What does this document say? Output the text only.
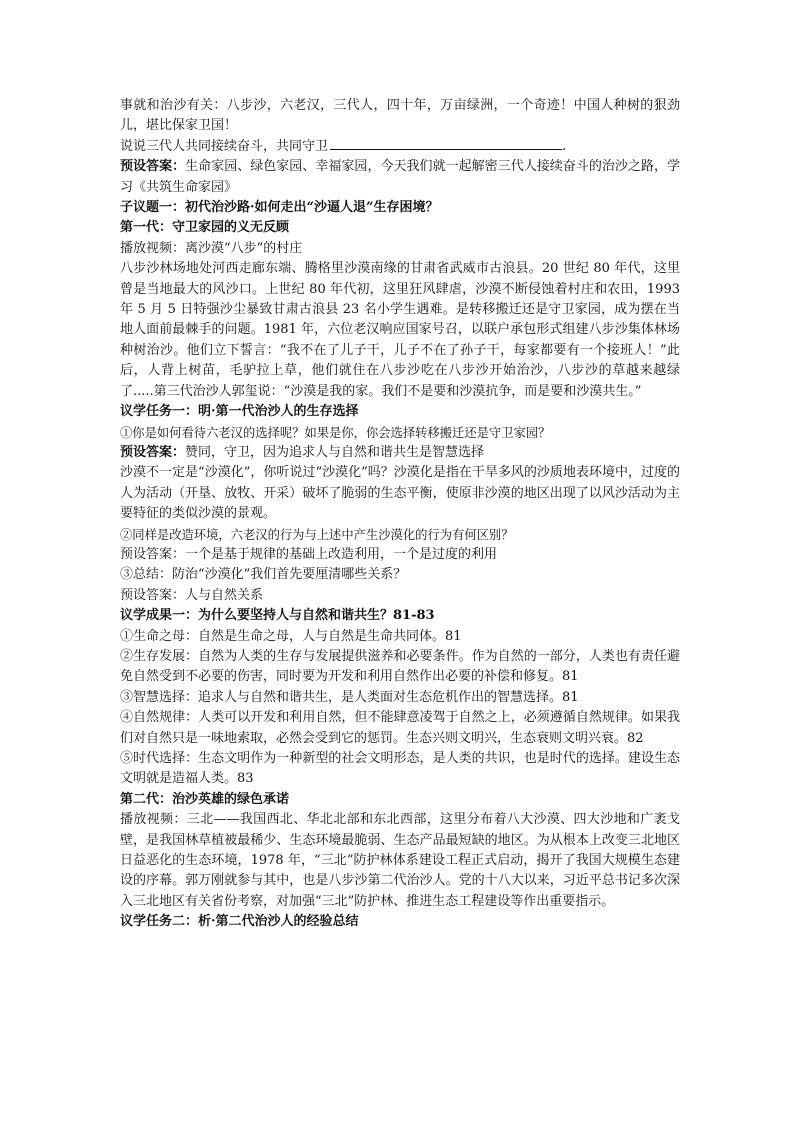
事就和治沙有关：八步沙，六老汉，三代人，四十年，万亩绿洲，一个奇迹！中国人种树的狠劲儿，堪比保家卫国！

说说三代人共同接续奋斗，共同守卫	.

预设答案：生命家园、绿色家园、幸福家园，今天我们就一起解密三代人接续奋斗的治沙之路，学习《共筑生命家园》

子议题一：初代治沙路·如何走出“沙逼人退”生存困境？

第一代：守卫家园的义无反顾

播放视频：离沙漠“八步”的村庄

八步沙林场地处河西走廊东端、腾格里沙漠南缘的甘肃省武威市古浪县。20 世纪 80 年代，这里曾是当地最大的风沙口。上世纪 80 年代初，这里狂风肆虐，沙漠不断侵蚀着村庄和农田，1993 年 5 月 5 日特强沙尘暴致甘肃古浪县 23 名小学生遇难。是转移搬迁还是守卫家园，成为摆在当地人面前最棘手的问题。1981 年，六位老汉响应国家号召，以联户承包形式组建八步沙集体林场种树治沙。他们立下誓言：“我不在了儿子干，儿子不在了孙子干，每家都要有一个接班人！”此后，人背上树苗，毛驴拉上草，他们就住在八步沙吃在八步沙开始治沙，八步沙的草越来越绿了.....第三代治沙人郭玺说：“沙漠是我的家。我们不是要和沙漠抗争，而是要和沙漠共生。”

议学任务一：明·第一代治沙人的生存选择

①你是如何看待六老汉的选择呢？如果是你，你会选择转移搬迁还是守卫家园？

预设答案：赞同，守卫，因为追求人与自然和谐共生是智慧选择

沙漠不一定是“沙漠化”，你听说过“沙漠化”吗？沙漠化是指在干旱多风的沙质地表环境中，过度的人为活动（开垦、放牧、开采）破坏了脆弱的生态平衡，使原非沙漠的地区出现了以风沙活动为主要特征的类似沙漠的景观。

②同样是改造环境，六老汉的行为与上述中产生沙漠化的行为有何区别？

预设答案：一个是基于规律的基础上改造利用，一个是过度的利用

③总结：防治“沙漠化”我们首先要厘清哪些关系？

预设答案：人与自然关系

议学成果一：为什么要坚持人与自然和谐共生？81-83

①生命之母：自然是生命之母，人与自然是生命共同体。81

②生存发展：自然为人类的生存与发展提供滋养和必要条件。作为自然的一部分，人类也有责任避免自然受到不必要的伤害，同时要为开发和利用自然作出必要的补偿和修复。81

③智慧选择：追求人与自然和谐共生，是人类面对生态危机作出的智慧选择。81

④自然规律：人类可以开发和利用自然，但不能肆意凌驾于自然之上，必须遵循自然规律。如果我们对自然只是一味地索取，必然会受到它的惩罚。生态兴则文明兴，生态衰则文明兴衰。82

⑤时代选择：生态文明作为一种新型的社会文明形态，是人类的共识，也是时代的选择。建设生态文明就是造福人类。83

第二代：治沙英雄的绿色承诺

播放视频：三北——我国西北、华北北部和东北西部，这里分布着八大沙漠、四大沙地和广袤戈壁，是我国林草植被最稀少、生态环境最脆弱、生态产品最短缺的地区。为从根本上改变三北地区日益恶化的生态环境，1978 年，“三北”防护林体系建设工程正式启动，揭开了我国大规模生态建设的序幕。郭万刚就参与其中，也是八步沙第二代治沙人。党的十八大以来，习近平总书记多次深入三北地区有关省份考察，对加强“三北”防护林、推进生态工程建设等作出重要指示。

议学任务二：析·第二代治沙人的经验总结
